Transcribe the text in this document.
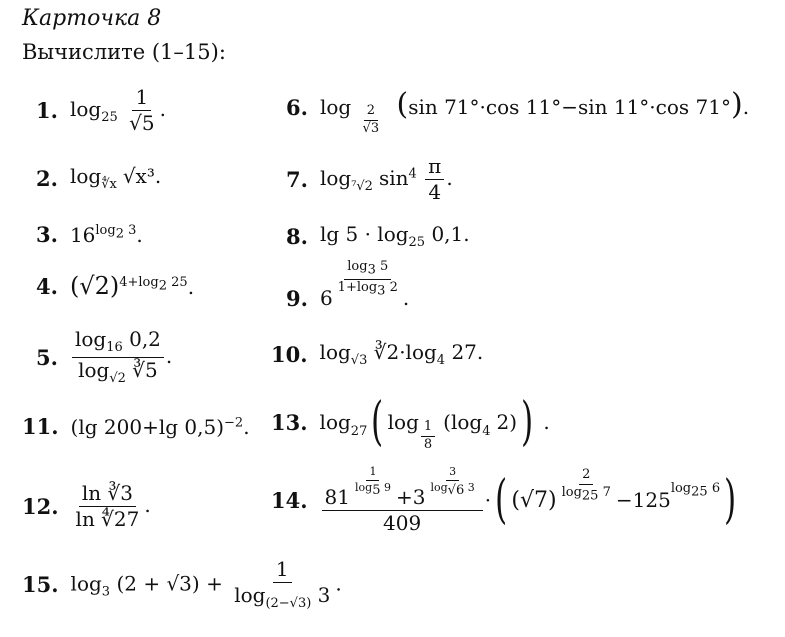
Карточка 8
Вычислите (1–15):
1. $\log_{25} \frac{1}{√5}$ .	6. $\log \frac{2}{√3} (\sin$ 71°·cos 11°−sin 11°·cos 71°).
2. $\log_{∜x} √x^3$.	7. $\log_{^7√2} \sin^4 \frac{\pi}{4}$ .
3. $16^{log_2 3}$.	8. $\lg 5 \cdot \log_{25} 0,1$.
4. $(√2)^{4+log_2 25}$.	9. $6 \frac{\log_3 5}{1+\log_3 2}$ .
5. $\frac{\log_{16} 0,2}{\log_{√2} ∛5}$ .	10. $\log_{√3}$ $∛2\cdot\log_4$ 27.
11. (lg 200+lg 0,5)$^{-2}$. 13. $\log_{27}$ ( $\log \frac{1}{8} (\log_4$ 2) ) .
12. $\frac{\ln ∛3}{\ln ∜27}$ .	14. $\frac{81 \frac{1}{\log_5 9} + 3 \frac{3}{\log_{√6} 3}}{409}$ · ( $(√7) \frac{2}{\log_{25} 7} - 125$ $^{log_{25} 6}$ )
15. $\log_3 (2 + √3) + \frac{1}{\log_{(2-√3)} 3}$ .
